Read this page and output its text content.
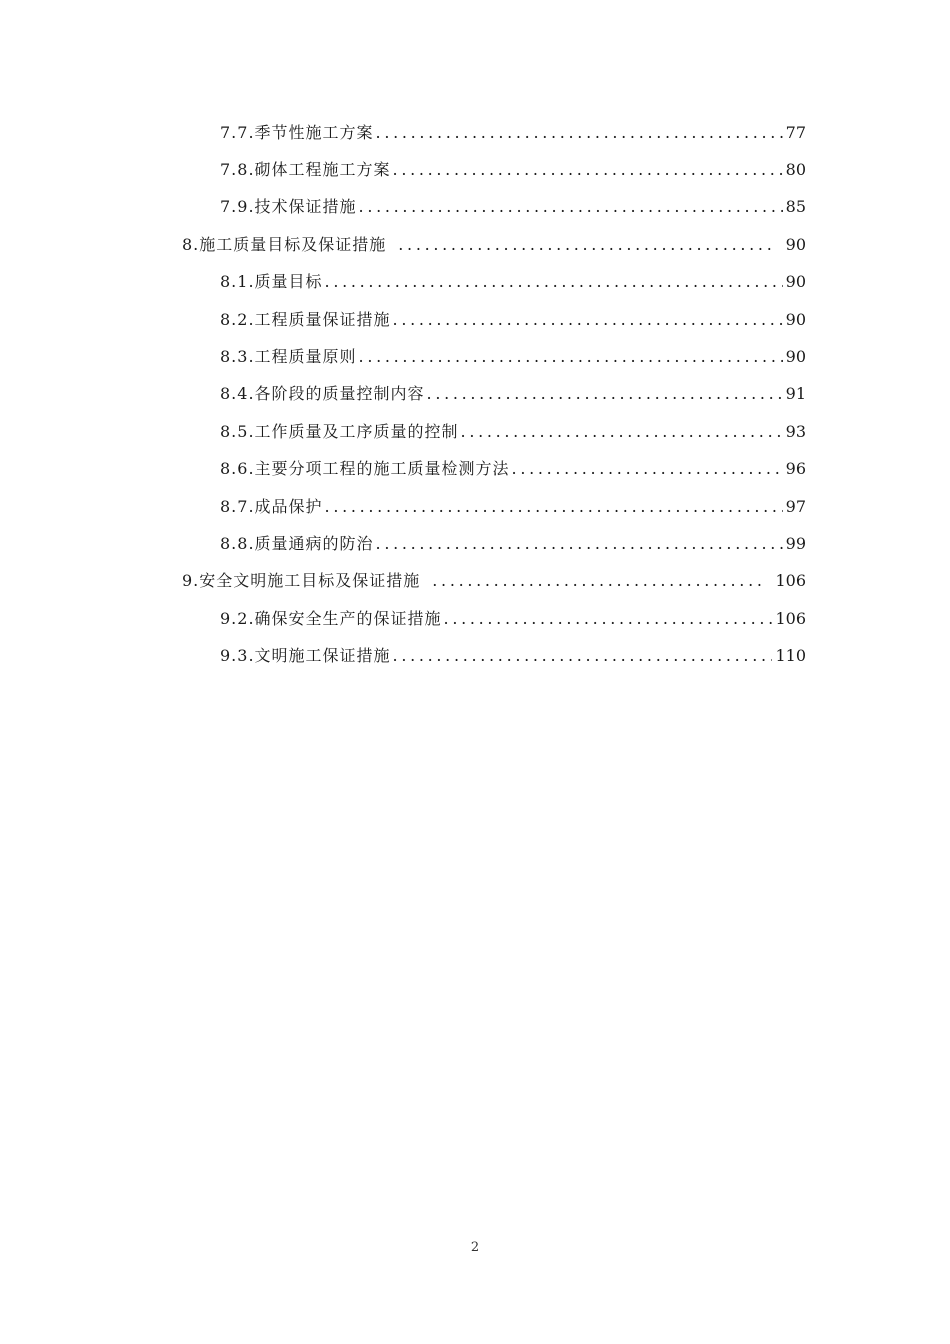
7.7. 季节性施工方案 . . .	77
7.8. 砌体工程施工方案 . . .	80
7.9. 技术保证措施 . . .	85
8. 施工质量目标及保证措施 . . .	90
8.1. 质量目标 . . .	90
8.2. 工程质量保证措施 . . .	90
8.3. 工程质量原则 . . .	90
8.4. 各阶段的质量控制内容 . . .	91
8.5. 工作质量及工序质量的控制 . . .	93
8.6. 主要分项工程的施工质量检测方法 . . .	96
8.7. 成品保护 . . .	97
8.8. 质量通病的防治 . . .	99
9. 安全文明施工目标及保证措施 . . .	106
9.2. 确保安全生产的保证措施 . . .	106
9.3. 文明施工保证措施 . . .	110
2
